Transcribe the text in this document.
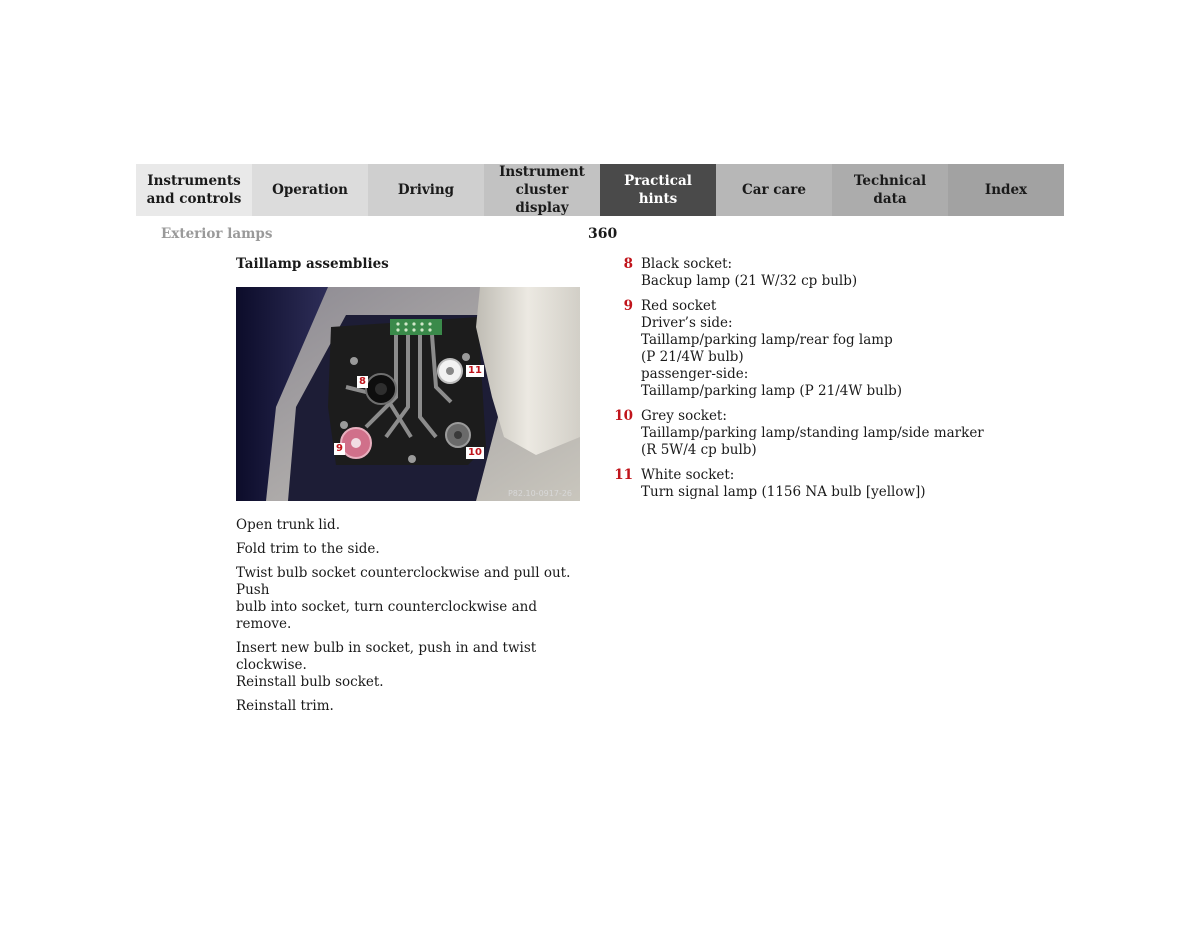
Instruments
and controls
Operation	Driving
Instrument
cluster display
Practical hints
Car care
Technical
data
Index
Exterior lamps	360
Taillamp assemblies
8
9	10
11
P82.10-0917-26

Open trunk lid.

Fold trim to the side.

Twist bulb socket counterclockwise and pull out. Push
bulb into socket, turn counterclockwise and remove.

Insert new bulb in socket, push in and twist clockwise.
Reinstall bulb socket.

Reinstall trim.

8 Black socket:
Backup lamp (21 W/32 cp bulb)
9 Red socket
Driver’s side:
Taillamp/parking lamp/rear fog lamp
(P 21/4W bulb)
passenger-side:
Taillamp/parking lamp (P 21/4W bulb)
10 Grey socket:
Taillamp/parking lamp/standing lamp/side marker
(R 5W/4 cp bulb)
11 White socket:
Turn signal lamp (1156 NA bulb [yellow])
